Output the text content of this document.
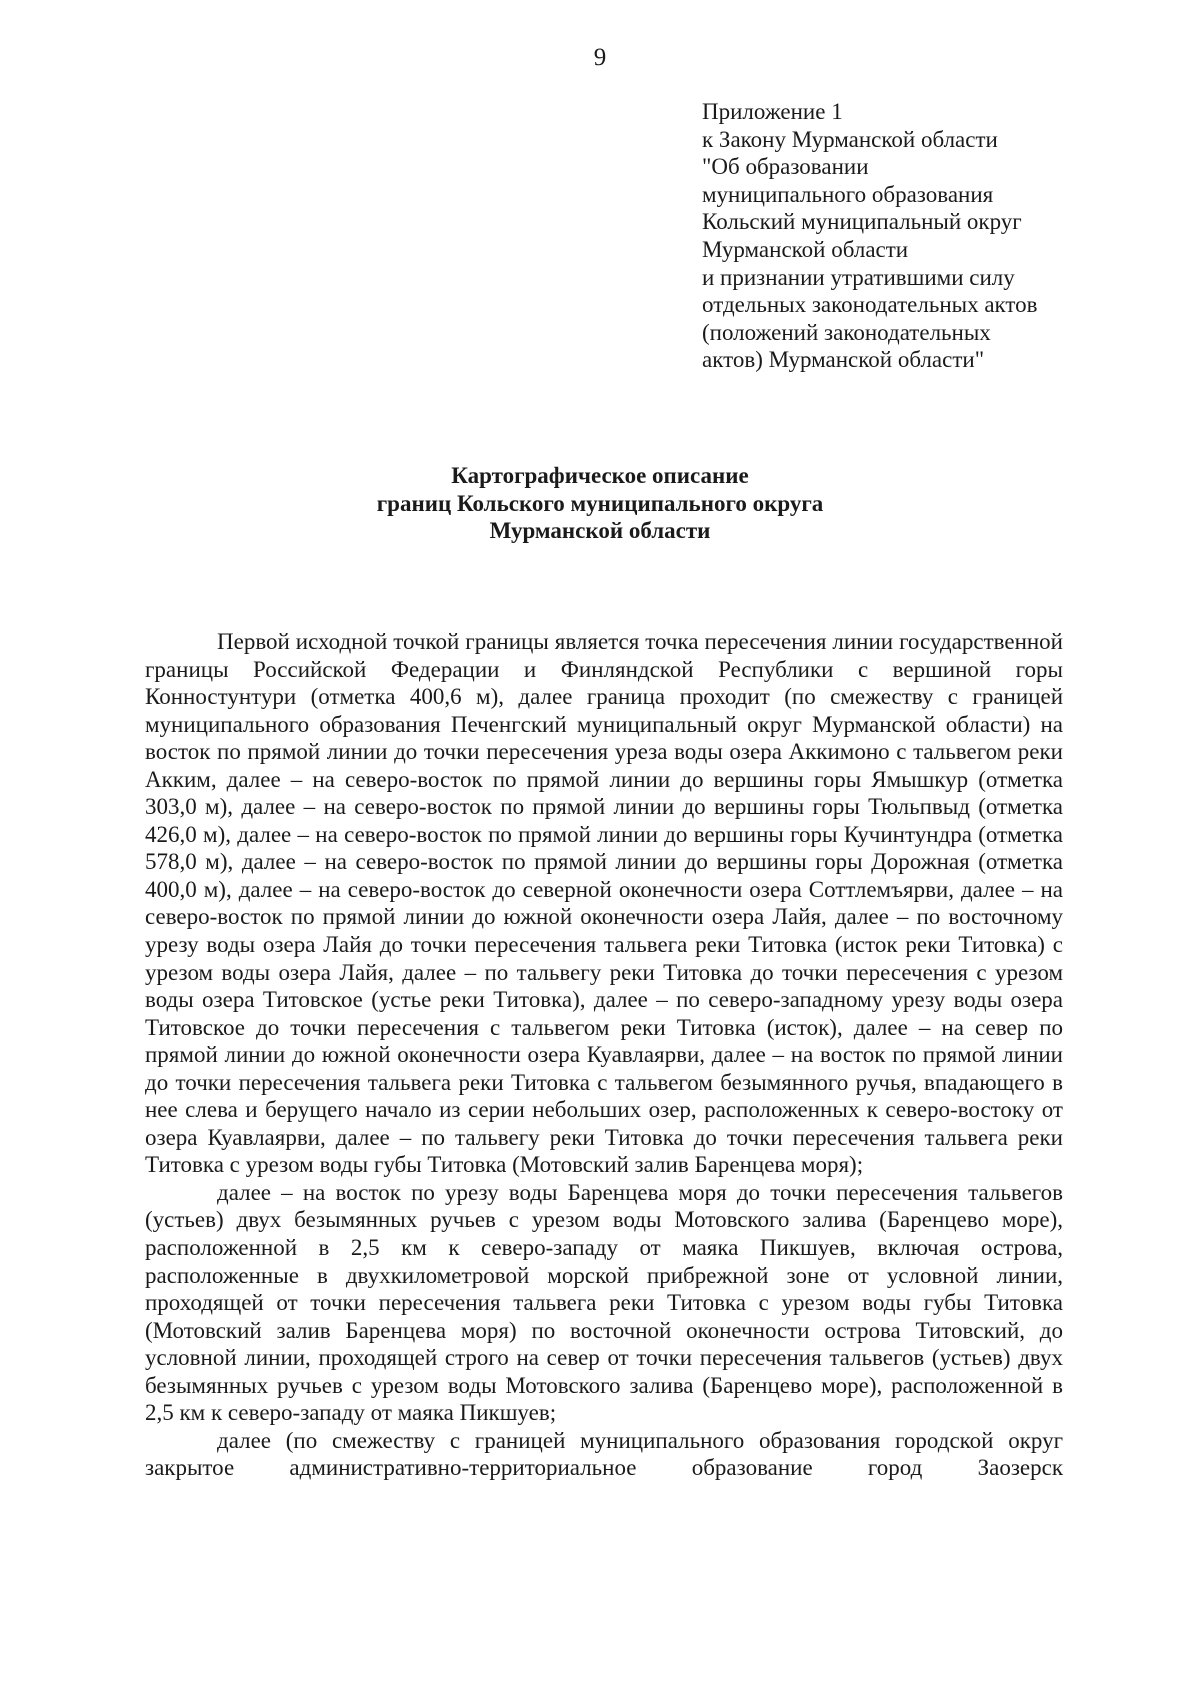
9
Приложение 1
к Закону Мурманской области
"Об образовании
муниципального образования
Кольский муниципальный округ
Мурманской области
и признании утратившими силу
отдельных законодательных актов
(положений законодательных
актов) Мурманской области"
Картографическое описание
границ Кольского муниципального округа
Мурманской области

Первой исходной точкой границы является точка пересечения линии государственной границы Российской Федерации и Финляндской Республики с вершиной горы Конностунтури (отметка 400,6 м), далее граница проходит (по смежеству с границей муниципального образования Печенгский муниципальный округ Мурманской области) на восток по прямой линии до точки пересечения уреза воды озера Аккимоно с тальвегом реки Акким, далее – на северо-восток по прямой линии до вершины горы Ямышкур (отметка 303,0 м), далее – на северо-восток по прямой линии до вершины горы Тюльпвыд (отметка 426,0 м), далее – на северо-восток по прямой линии до вершины горы Кучинтундра (отметка 578,0 м), далее – на северо-восток по прямой линии до вершины горы Дорожная (отметка 400,0 м), далее – на северо-восток до северной оконечности озера Соттлемъярви, далее – на северо-восток по прямой линии до южной оконечности озера Лайя, далее – по восточному урезу воды озера Лайя до точки пересечения тальвега реки Титовка (исток реки Титовка) с урезом воды озера Лайя, далее – по тальвегу реки Титовка до точки пересечения с урезом воды озера Титовское (устье реки Титовка), далее – по северо-западному урезу воды озера Титовское до точки пересечения с тальвегом реки Титовка (исток), далее – на север по прямой линии до южной оконечности озера Куавлаярви, далее – на восток по прямой линии до точки пересечения тальвега реки Титовка с тальвегом безымянного ручья, впадающего в нее слева и берущего начало из серии небольших озер, расположенных к северо-востоку от озера Куавлаярви, далее – по тальвегу реки Титовка до точки пересечения тальвега реки Титовка с урезом воды губы Титовка (Мотовский залив Баренцева моря);

далее – на восток по урезу воды Баренцева моря до точки пересечения тальвегов (устьев) двух безымянных ручьев с урезом воды Мотовского залива (Баренцево море), расположенной в 2,5 км к северо-западу от маяка Пикшуев, включая острова, расположенные в двухкилометровой морской прибрежной зоне от условной линии, проходящей от точки пересечения тальвега реки Титовка с урезом воды губы Титовка (Мотовский залив Баренцева моря) по восточной оконечности острова Титовский, до условной линии, проходящей строго на север от точки пересечения тальвегов (устьев) двух безымянных ручьев с урезом воды Мотовского залива (Баренцево море), расположенной в 2,5 км к северо-западу от маяка Пикшуев;

далее (по смежеству с границей муниципального образования городской округ закрытое административно-территориальное образование город Заозерск
